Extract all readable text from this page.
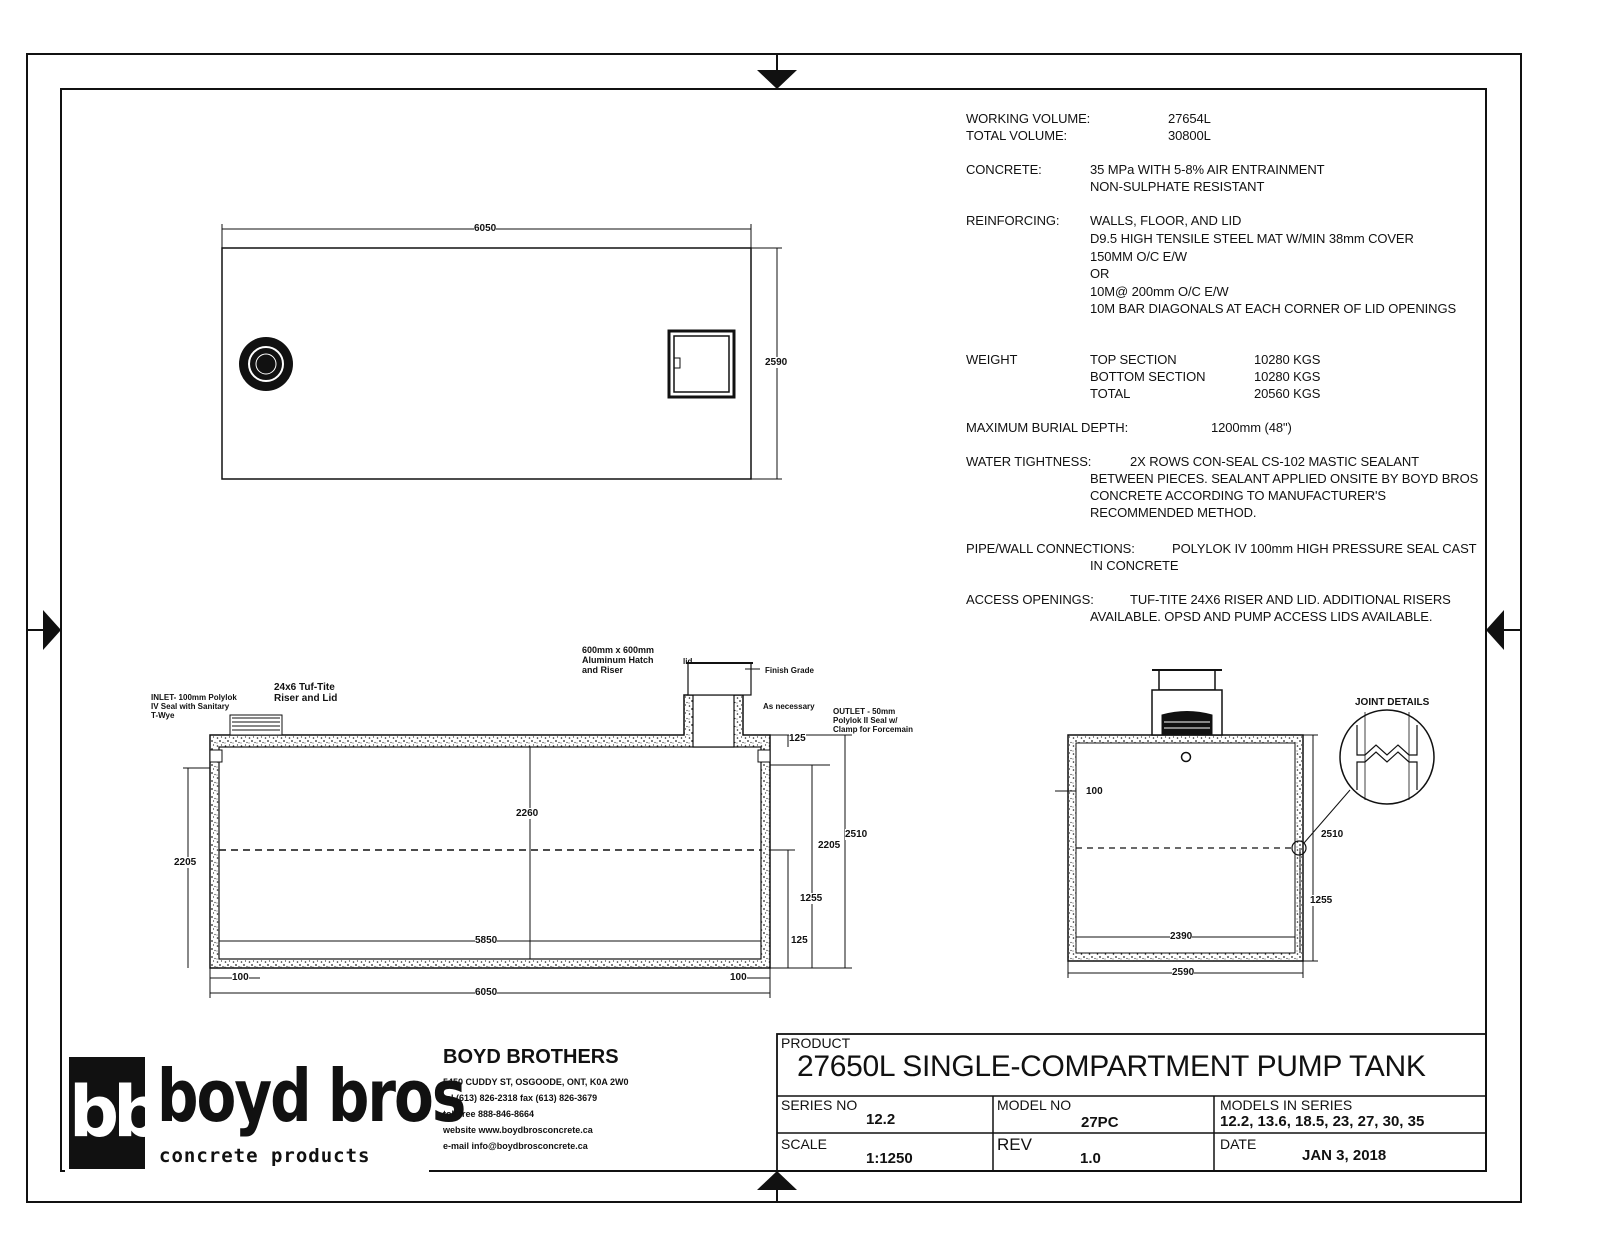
6050
2590
2260
2205
2205
2510
1255
125
125
5850
100	100
6050
INLET- 100mm Polylok
IV Seal with Sanitary
T-Wye
24x6 Tuf-Tite
Riser and Lid
600mm x 600mm
Aluminum Hatch
and Riser
lid
Finish Grade
As necessary
OUTLET - 50mm
Polylok II Seal w/
Clamp for Forcemain
JOINT DETAILS
100
2510
1255
2390
2590
WORKING VOLUME:	27654L
TOTAL VOLUME:	30800L
CONCRETE:	35 MPa WITH 5-8% AIR ENTRAINMENT
NON-SULPHATE RESISTANT
REINFORCING: WALLS, FLOOR, AND LID
D9.5 HIGH TENSILE STEEL MAT W/MIN 38mm COVER
150MM O/C E/W
OR
10M@ 200mm O/C E/W
10M BAR DIAGONALS AT EACH CORNER OF LID OPENINGS
WEIGHT	TOP SECTION	10280 KGS
BOTTOM SECTION	10280 KGS
TOTAL	20560 KGS
MAXIMUM BURIAL DEPTH:	1200mm (48")
WATER TIGHTNESS:	2X ROWS CON-SEAL CS-102 MASTIC SEALANT
BETWEEN PIECES. SEALANT APPLIED ONSITE BY BOYD BROS
CONCRETE ACCORDING TO MANUFACTURER'S
RECOMMENDED METHOD.
PIPE/WALL CONNECTIONS:	POLYLOK IV 100mm HIGH PRESSURE SEAL CAST
IN CONCRETE
ACCESS OPENINGS:	TUF-TITE 24X6 RISER AND LID. ADDITIONAL RISERS
AVAILABLE. OPSD AND PUMP ACCESS LIDS AVAILABLE.
bb boyd bros
concrete products
BOYD BROTHERS
5450 CUDDY ST, OSGOODE, ONT, K0A 2W0
tel (613) 826-2318 fax (613) 826-3679
toll free 888-846-8664
website www.boydbrosconcrete.ca
e-mail info@boydbrosconcrete.ca
PRODUCT
27650L SINGLE-COMPARTMENT PUMP TANK
SERIES NO
12.2
MODEL NO
27PC
MODELS IN SERIES
12.2, 13.6, 18.5, 23, 27, 30, 35
SCALE
1:1250
REV
1.0
DATE
JAN 3, 2018
